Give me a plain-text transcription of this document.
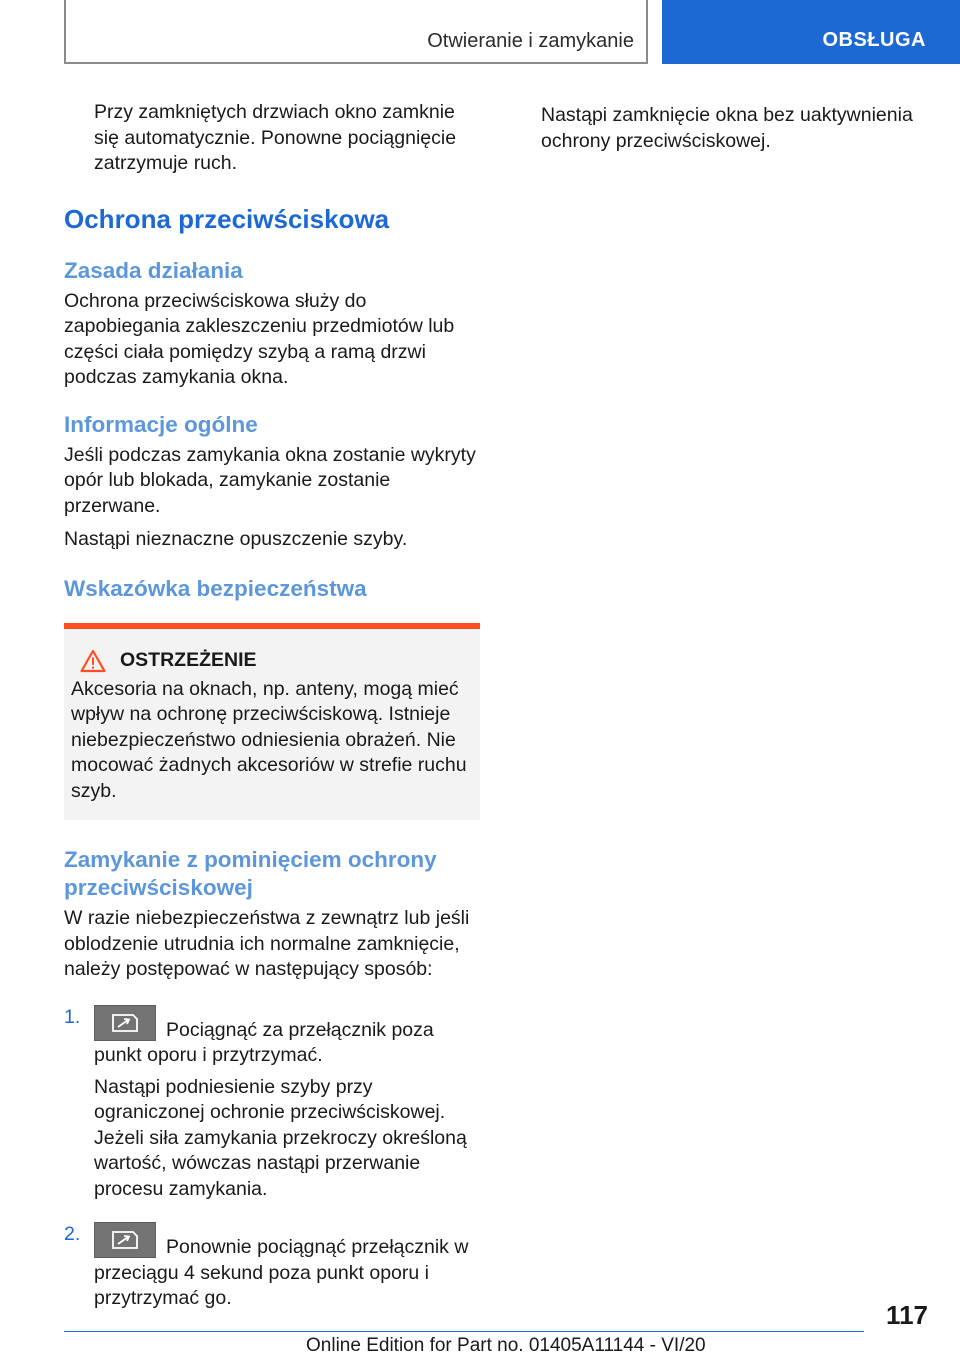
Otwieranie i zamykanie	OBSŁUGA

Przy zamkniętych drzwiach okno zamknie się automatycznie. Ponowne pociągnięcie zatrzymuje ruch.

Ochrona przeciwściskowa
Zasada działania

Ochrona przeciwściskowa służy do zapobiegania zakleszczeniu przedmiotów lub części ciała pomiędzy szybą a ramą drzwi podczas zamykania okna.

Informacje ogólne

Jeśli podczas zamykania okna zostanie wykryty opór lub blokada, zamykanie zostanie przerwane.

Nastąpi nieznaczne opuszczenie szyby.

Wskazówka bezpieczeństwa
OSTRZEŻENIE

Akcesoria na oknach, np. anteny, mogą mieć wpływ na ochronę przeciwściskową. Istnieje niebezpieczeństwo odniesienia obrażeń. Nie mocować żadnych akcesoriów w strefie ruchu szyb.

Zamykanie z pominięciem ochrony przeciwściskowej

W razie niebezpieczeństwa z zewnątrz lub jeśli oblodzenie utrudnia ich normalne zamknięcie, należy postępować w następujący sposób:

1.

Pociągnąć za przełącznik poza punkt oporu i przytrzymać.

Nastąpi podniesienie szyby przy ograniczonej ochronie przeciwściskowej. Jeżeli siła zamykania przekroczy określoną wartość, wówczas nastąpi przerwanie procesu zamykania.

2.

Ponownie pociągnąć przełącznik w przeciągu 4 sekund poza punkt oporu i przytrzymać go.

Nastąpi zamknięcie okna bez uaktywnienia ochrony przeciwściskowej.

117
Online Edition for Part no. 01405A11144 - VI/20
